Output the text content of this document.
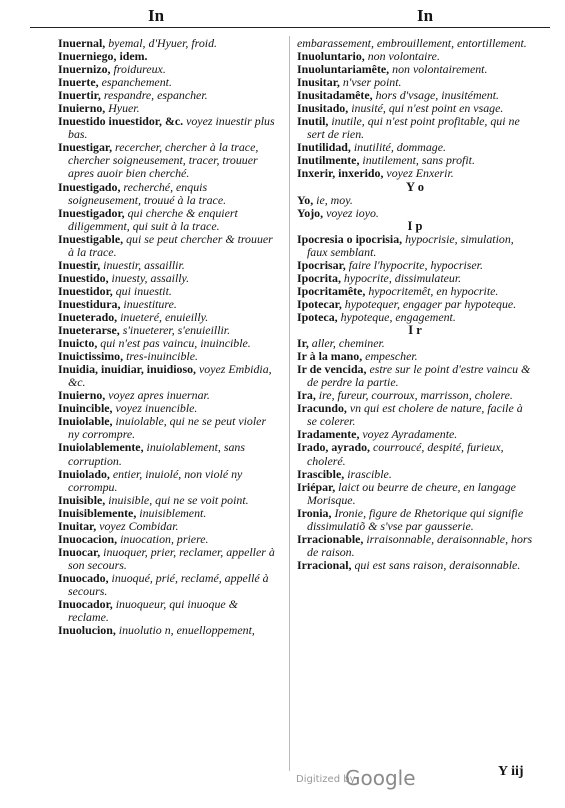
In	In
Inuernal, byemal, d'Hyuer, froid.
Inuerniego, idem.
Inuernizo, froidureux.
Inuerte, espanchement.
Inuertir, respandre, espancher.
Inuierno, Hyuer.
Inuestido inuestidor, &c. voyez inuestir plus bas.
Inuestigar, recercher, chercher à la trace, chercher soigneusement, tracer, trouuer apres auoir bien cherché.
Inuestigado, recherché, enquis soigneusement, trouué à la trace.
Inuestigador, qui cherche & enquiert diligemment, qui suit à la trace.
Inuestigable, qui se peut chercher & trouuer à la trace.
Inuestir, inuestir, assaillir.
Inuestido, inuesty, assailly.
Inuestidor, qui inuestit.
Inuestidura, inuestiture.
Inueterado, inueteré, enuieilly.
Inueterarse, s'inueterer, s'enuieillir.
Inuicto, qui n'est pas vaincu, inuincible.
Inuictissimo, tres-inuincible.
Inuidia, inuidiar, inuidioso, voyez Embidia, &c.
Inuierno, voyez apres inuernar.
Inuincible, voyez inuencible.
Inuiolable, inuiolable, qui ne se peut violer ny corrompre.
Inuiolablemente, inuiolablement, sans corruption.
Inuiolado, entier, inuiolé, non violé ny corrompu.
Inuisible, inuisible, qui ne se voit point.
Inuisiblemente, inuisiblement.
Inuitar, voyez Combidar.
Inuocacion, inuocation, priere.
Inuocar, inuoquer, prier, reclamer, appeller à son secours.
Inuocado, inuoqué, prié, reclamé, appellé à secours.
Inuocador, inuoqueur, qui inuoque & reclame.
Inuolucion, inuolutio n, enuelloppement,
embarassement, embrouillement, entortillement.
Inuoluntario, non volontaire.
Inuoluntariamête, non volontairement.
Inusitar, n'vser point.
Inusitadamête, hors d'vsage, inusitément.
Inusitado, inusité, qui n'est point en vsage.
Inutil, inutile, qui n'est point profitable, qui ne sert de rien.
Inutilidad, inutilité, dommage.
Inutilmente, inutilement, sans profit.
Inxerir, inxerido, voyez Enxerir.
Y o
Yo, ie, moy.
Yojo, voyez ioyo.
I p
Ipocresia o ipocrisia, hypocrisie, simulation, faux semblant.
Ipocrisar, faire l'hypocrite, hypocriser.
Ipocrita, hypocrite, dissimulateur.
Ipocritamête, hypocritemêt, en hypocrite.
Ipotecar, hypotequer, engager par hypoteque.
Ipoteca, hypoteque, engagement.
I r
Ir, aller, cheminer.
Ir à la mano, empescher.
Ir de vencida, estre sur le point d'estre vaincu & de perdre la partie.
Ira, ire, fureur, courroux, marrisson, cholere.
Iracundo, vn qui est cholere de nature, facile à se colerer.
Iradamente, voyez Ayradamente.
Irado, ayrado, courroucé, despité, furieux, choleré.
Irascible, irascible.
Iriépar, laict ou beurre de cheure, en langage Morisque.
Ironia, Ironie, figure de Rhetorique qui signifie dissimulatiõ & s'vse par gausserie.
Irracionable, irraisonnable, deraisonnable, hors de raison.
Irracional, qui est sans raison, deraisonnable.
Digitized by
Google	Y iij
